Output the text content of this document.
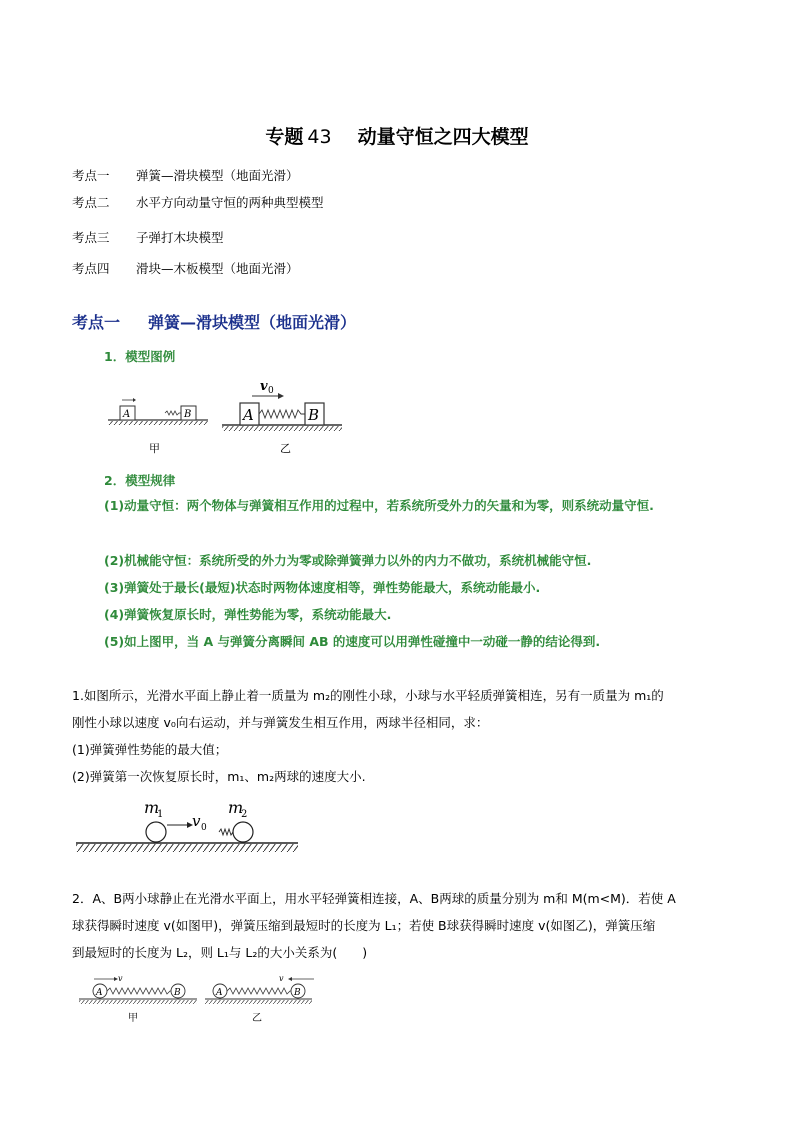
专题 43 动量守恒之四大模型
考点一 弹簧—滑块模型（地面光滑）
考点二 水平方向动量守恒的两种典型模型
考点三 子弹打木块模型
考点四 滑块—木板模型（地面光滑）
考点一 弹簧—滑块模型（地面光滑）
1．模型图例
A	B
甲
v 0
A	B
乙
2．模型规律
(1)动量守恒：两个物体与弹簧相互作用的过程中，若系统所受外力的矢量和为零，则系统动量守恒.
(2)机械能守恒：系统所受的外力为零或除弹簧弹力以外的内力不做功，系统机械能守恒.
(3)弹簧处于最长(最短)状态时两物体速度相等，弹性势能最大，系统动能最小.
(4)弹簧恢复原长时，弹性势能为零，系统动能最大.
(5)如上图甲，当 A 与弹簧分离瞬间 AB 的速度可以用弹性碰撞中一动碰一静的结论得到.
1.如图所示，光滑水平面上静止着一质量为 m₂的刚性小球，小球与水平轻质弹簧相连，另有一质量为 m₁的
刚性小球以速度 v₀向右运动，并与弹簧发生相互作用，两球半径相同，求：
(1)弹簧弹性势能的最大值；
(2)弹簧第一次恢复原长时，m₁、m₂两球的速度大小.
m
1	m
2
v 0
2．A、B两小球静止在光滑水平面上，用水平轻弹簧相连接，A、B两球的质量分别为 m和 M(m<M)．若使 A
球获得瞬时速度 v(如图甲)，弹簧压缩到最短时的长度为 L₁；若使 B球获得瞬时速度 v(如图乙)，弹簧压缩
到最短时的长度为 L₂，则 L₁与 L₂的大小关系为(　　)
v
A	B
甲
v
A	B
乙
